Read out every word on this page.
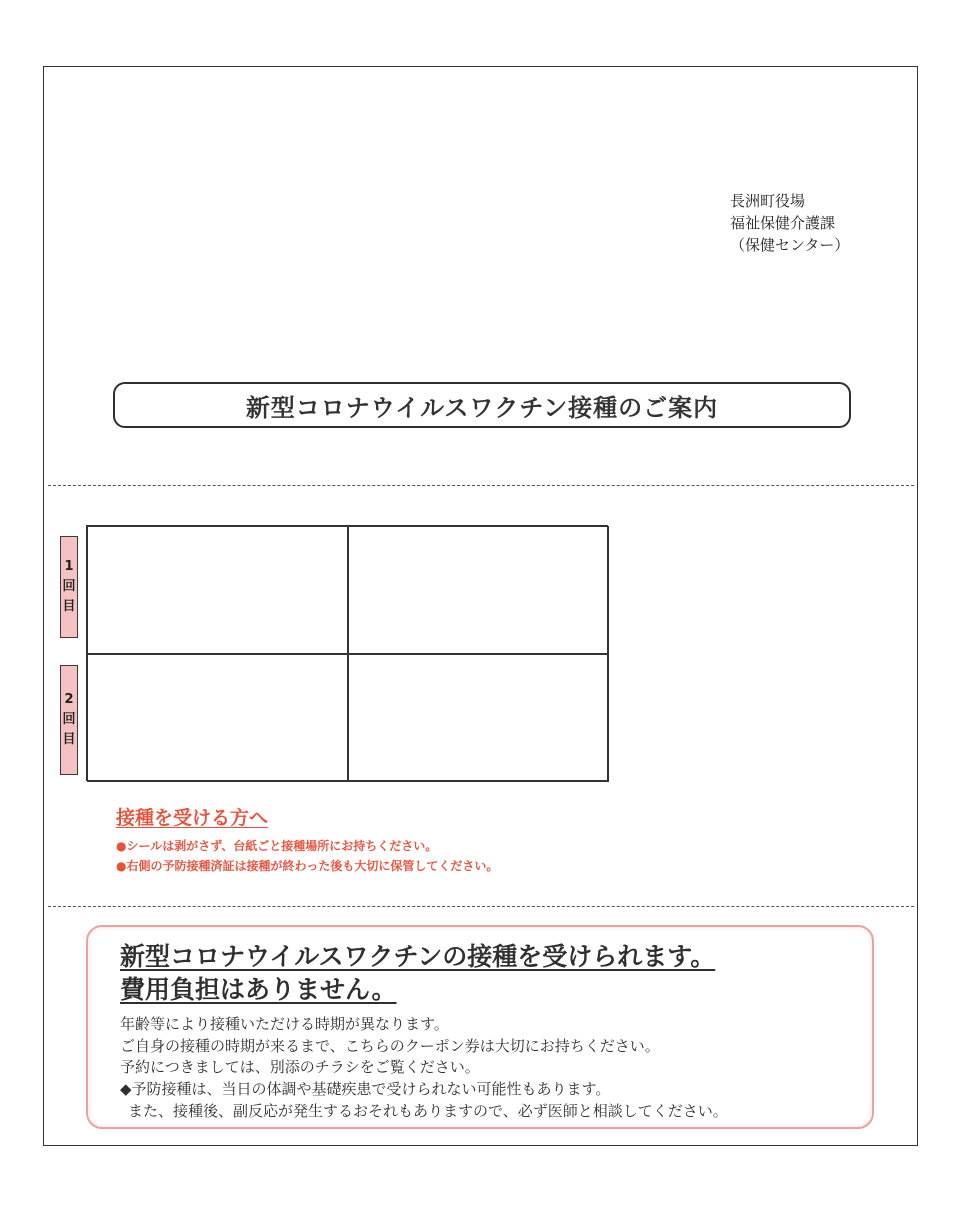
長洲町役場
福祉保健介護課
（保健センター）
新型コロナウイルスワクチン接種のご案内
1
回
目
2
回
目
接種を受ける方へ
●シールは剥がさず、台紙ごと接種場所にお持ちください。
●右側の予防接種済証は接種が終わった後も大切に保管してください。
新型コロナウイルスワクチンの接種を受けられます。
費用負担はありません。
年齢等により接種いただける時期が異なります。
ご自身の接種の時期が来るまで、こちらのクーポン券は大切にお持ちください。
予約につきましては、別添のチラシをご覧ください。
◆予防接種は、当日の体調や基礎疾患で受けられない可能性もあります。
また、接種後、副反応が発生するおそれもありますので、必ず医師と相談してください。
